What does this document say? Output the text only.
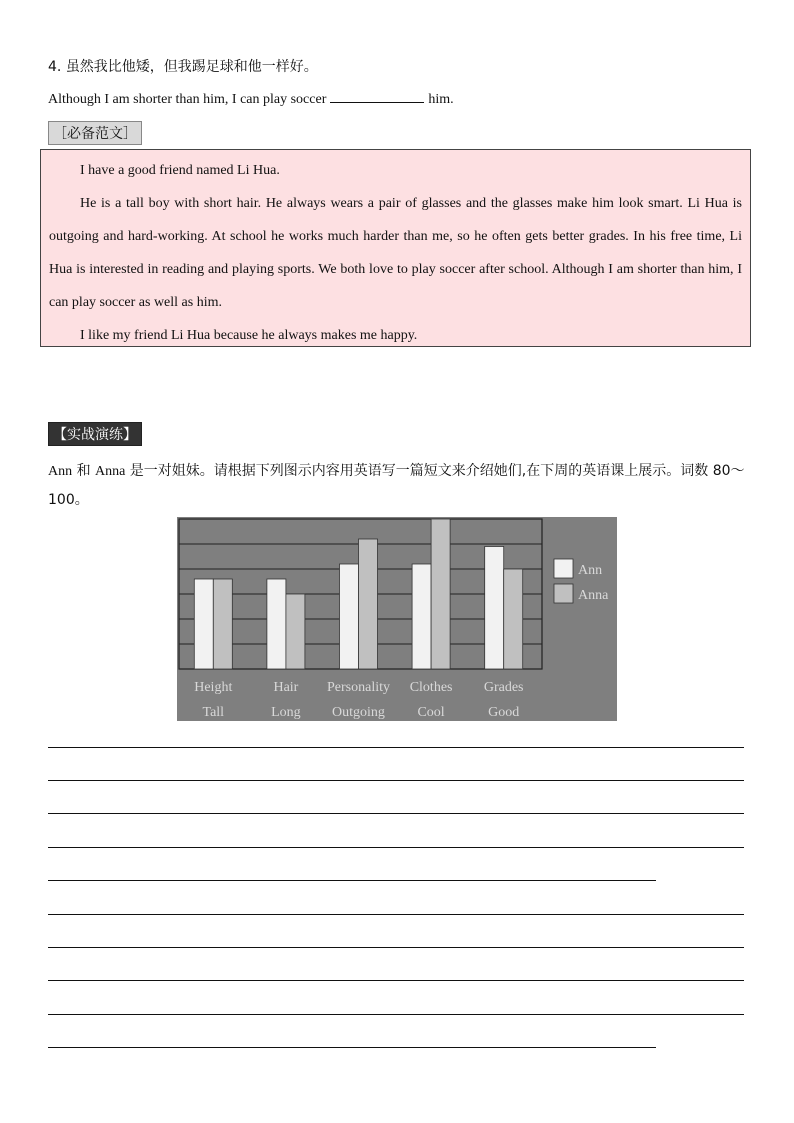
4. 虽然我比他矮，但我踢足球和他一样好。
Although I am shorter than him, I can play soccer	him.
［必备范文］

I have a good friend named Li Hua.

He is a tall boy with short hair. He always wears a pair of glasses and the glasses make him look smart. Li Hua is outgoing and hard-working. At school he works much harder than me, so he often gets better grades. In his free time, Li Hua is interested in reading and playing sports. We both love to play soccer after school. Although I am shorter than him, I can play soccer as well as him.

I like my friend Li Hua because he always makes me happy.

【实战演练】
Ann 和 Anna 是一对姐妹。请根据下列图示内容用英语写一篇短文来介绍她们,在下周的英语课上展示。词数 80～100。
Height
Tall
Hair
Long
Personality
Outgoing
Clothes
Cool
Grades
Good
Ann
Anna
